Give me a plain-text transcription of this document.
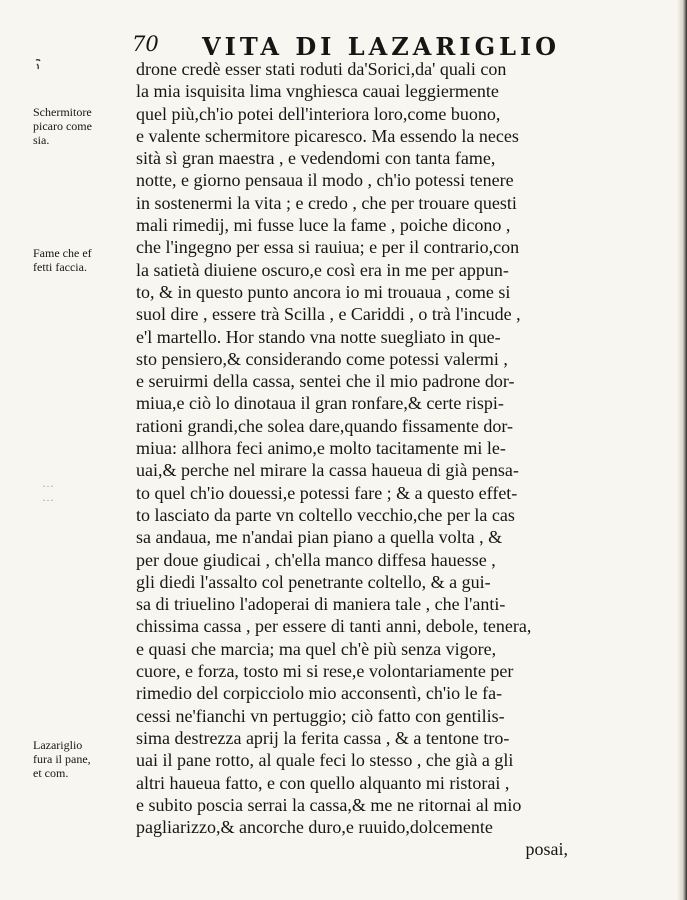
70 VITA DI LAZARIGLIO
Schermitore
picaro come
sia.
Fame che ef
fetti faccia.
…
…
Lazariglio
fura il pane,
et com.
drone credè esser stati roduti da'Sorici,da' quali con
la mia isquisita lima vnghiesca cauai leggiermente
quel più,ch'io potei dell'interiora loro,come buono,
e valente schermitore picaresco. Ma essendo la neces
sità sì gran maestra , e vedendomi con tanta fame,
notte, e giorno pensaua il modo , ch'io potessi tenere
in sostenermi la vita ; e credo , che per trouare questi
mali rimedij, mi fusse luce la fame , poiche dicono ,
che l'ingegno per essa si rauiua; e per il contrario,con
la satietà diuiene oscuro,e così era in me per appun-
to, & in questo punto ancora io mi trouaua , come si
suol dire , essere trà Scilla , e Cariddi , o trà l'incude ,
e'l martello. Hor stando vna notte suegliato in que-
sto pensiero,& considerando come potessi valermi ,
e seruirmi della cassa, sentei che il mio padrone dor-
miua,e ciò lo dinotaua il gran ronfare,& certe rispi-
rationi grandi,che solea dare,quando fissamente dor-
miua: allhora feci animo,e molto tacitamente mi le-
uai,& perche nel mirare la cassa haueua di già pensa-
to quel ch'io douessi,e potessi fare ; & a questo effet-
to lasciato da parte vn coltello vecchio,che per la cas
sa andaua, me n'andai pian piano a quella volta , &
per doue giudicai , ch'ella manco diffesa hauesse ,
gli diedi l'assalto col penetrante coltello, & a gui-
sa di triuelino l'adoperai di maniera tale , che l'anti-
chissima cassa , per essere di tanti anni, debole, tenera,
e quasi che marcia; ma quel ch'è più senza vigore,
cuore, e forza, tosto mi si rese,e volontariamente per
rimedio del corpicciolo mio acconsentì, ch'io le fa-
cessi ne'fianchi vn pertuggio; ciò fatto con gentilis-
sima destrezza aprij la ferita cassa , & a tentone tro-
uai il pane rotto, al quale feci lo stesso , che già a gli
altri haueua fatto, e con quello alquanto mi ristorai ,
e subito poscia serrai la cassa,& me ne ritornai al mio
pagliarizzo,& ancorche duro,e ruuido,dolcemente
posai,
